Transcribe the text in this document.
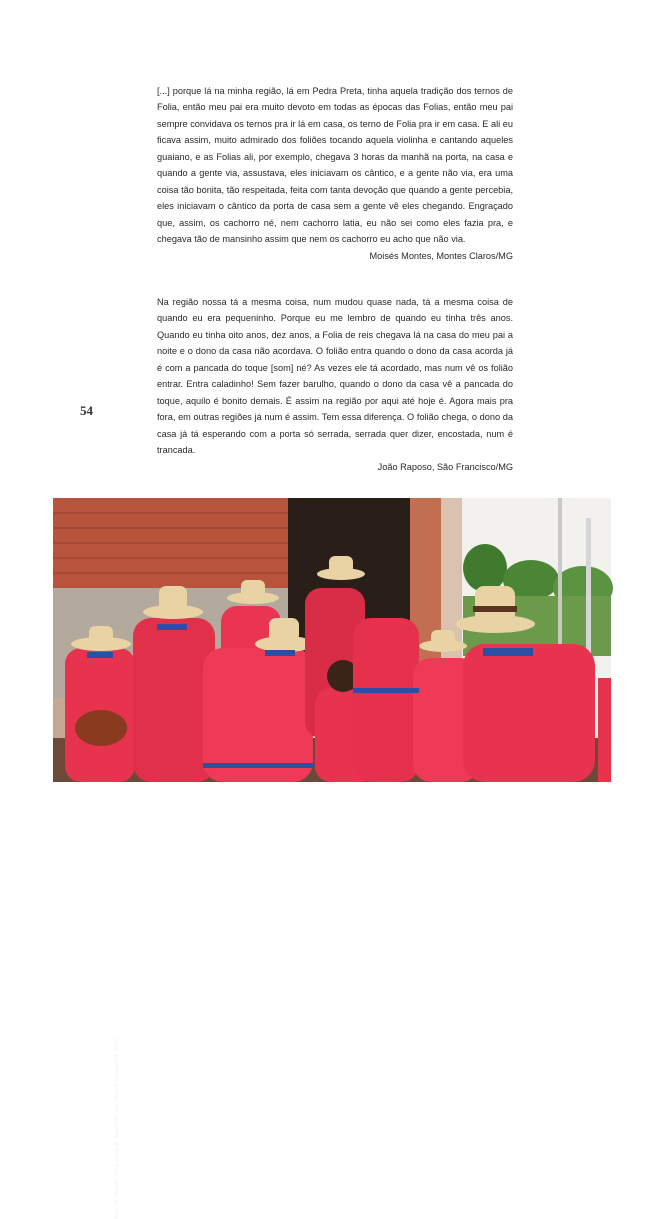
54

[...] porque lá na minha região, lá em Pedra Preta, tinha aquela tradição dos ternos de Folia, então meu pai era muito devoto em todas as épocas das Folias, então meu pai sempre convidava os ternos pra ir lá em casa, os terno de Folia pra ir em casa. E ali eu ficava assim, muito admirado dos foliões tocando aquela violinha e cantando aqueles guaiano, e as Folias ali, por exemplo, chegava 3 horas da manhã na porta, na casa e quando a gente via, assustava, eles iniciavam os cântico, e a gente não via, era uma coisa tão bonita, tão respeitada, feita com tanta devoção que quando a gente percebia, eles iniciavam o cântico da porta de casa sem a gente vê eles chegando. Engraçado que, assim, os cachorro né, nem cachorro latia, eu não sei como eles fazia pra, e chegava tão de mansinho assim que nem os cachorro eu acho que não via.

Moisés Montes, Montes Claros/MG

Na região nossa tá a mesma coisa, num mudou quase nada, tá a mesma coisa de quando eu era pequeninho. Porque eu me lembro de quando eu tinha três anos. Quando eu tinha oito anos, dez anos, a Folia de reis chegava lá na casa do meu pai a noite e o dono da casa não acordava. O folião entra quando o dono da casa acorda já é com a pancada do toque [som] né? As vezes ele tá acordado, mas num vê os folião entrar. Entra caladinho! Sem fazer barulho, quando o dono da casa vê a pancada do toque, aquilo é bonito demais. É assim na região por aqui até hoje é. Agora mais pra fora, em outras regiões já num é assim. Tem essa diferença. O folião chega, o dono da casa já tá esperando com a porta só serrada, serrada quer dizer, encostada, num é trancada.

João Raposo, São Francisco/MG
Foto de Rafaela Lima, parte de Ademiltes dos Santos Sanguinetti (MG)
